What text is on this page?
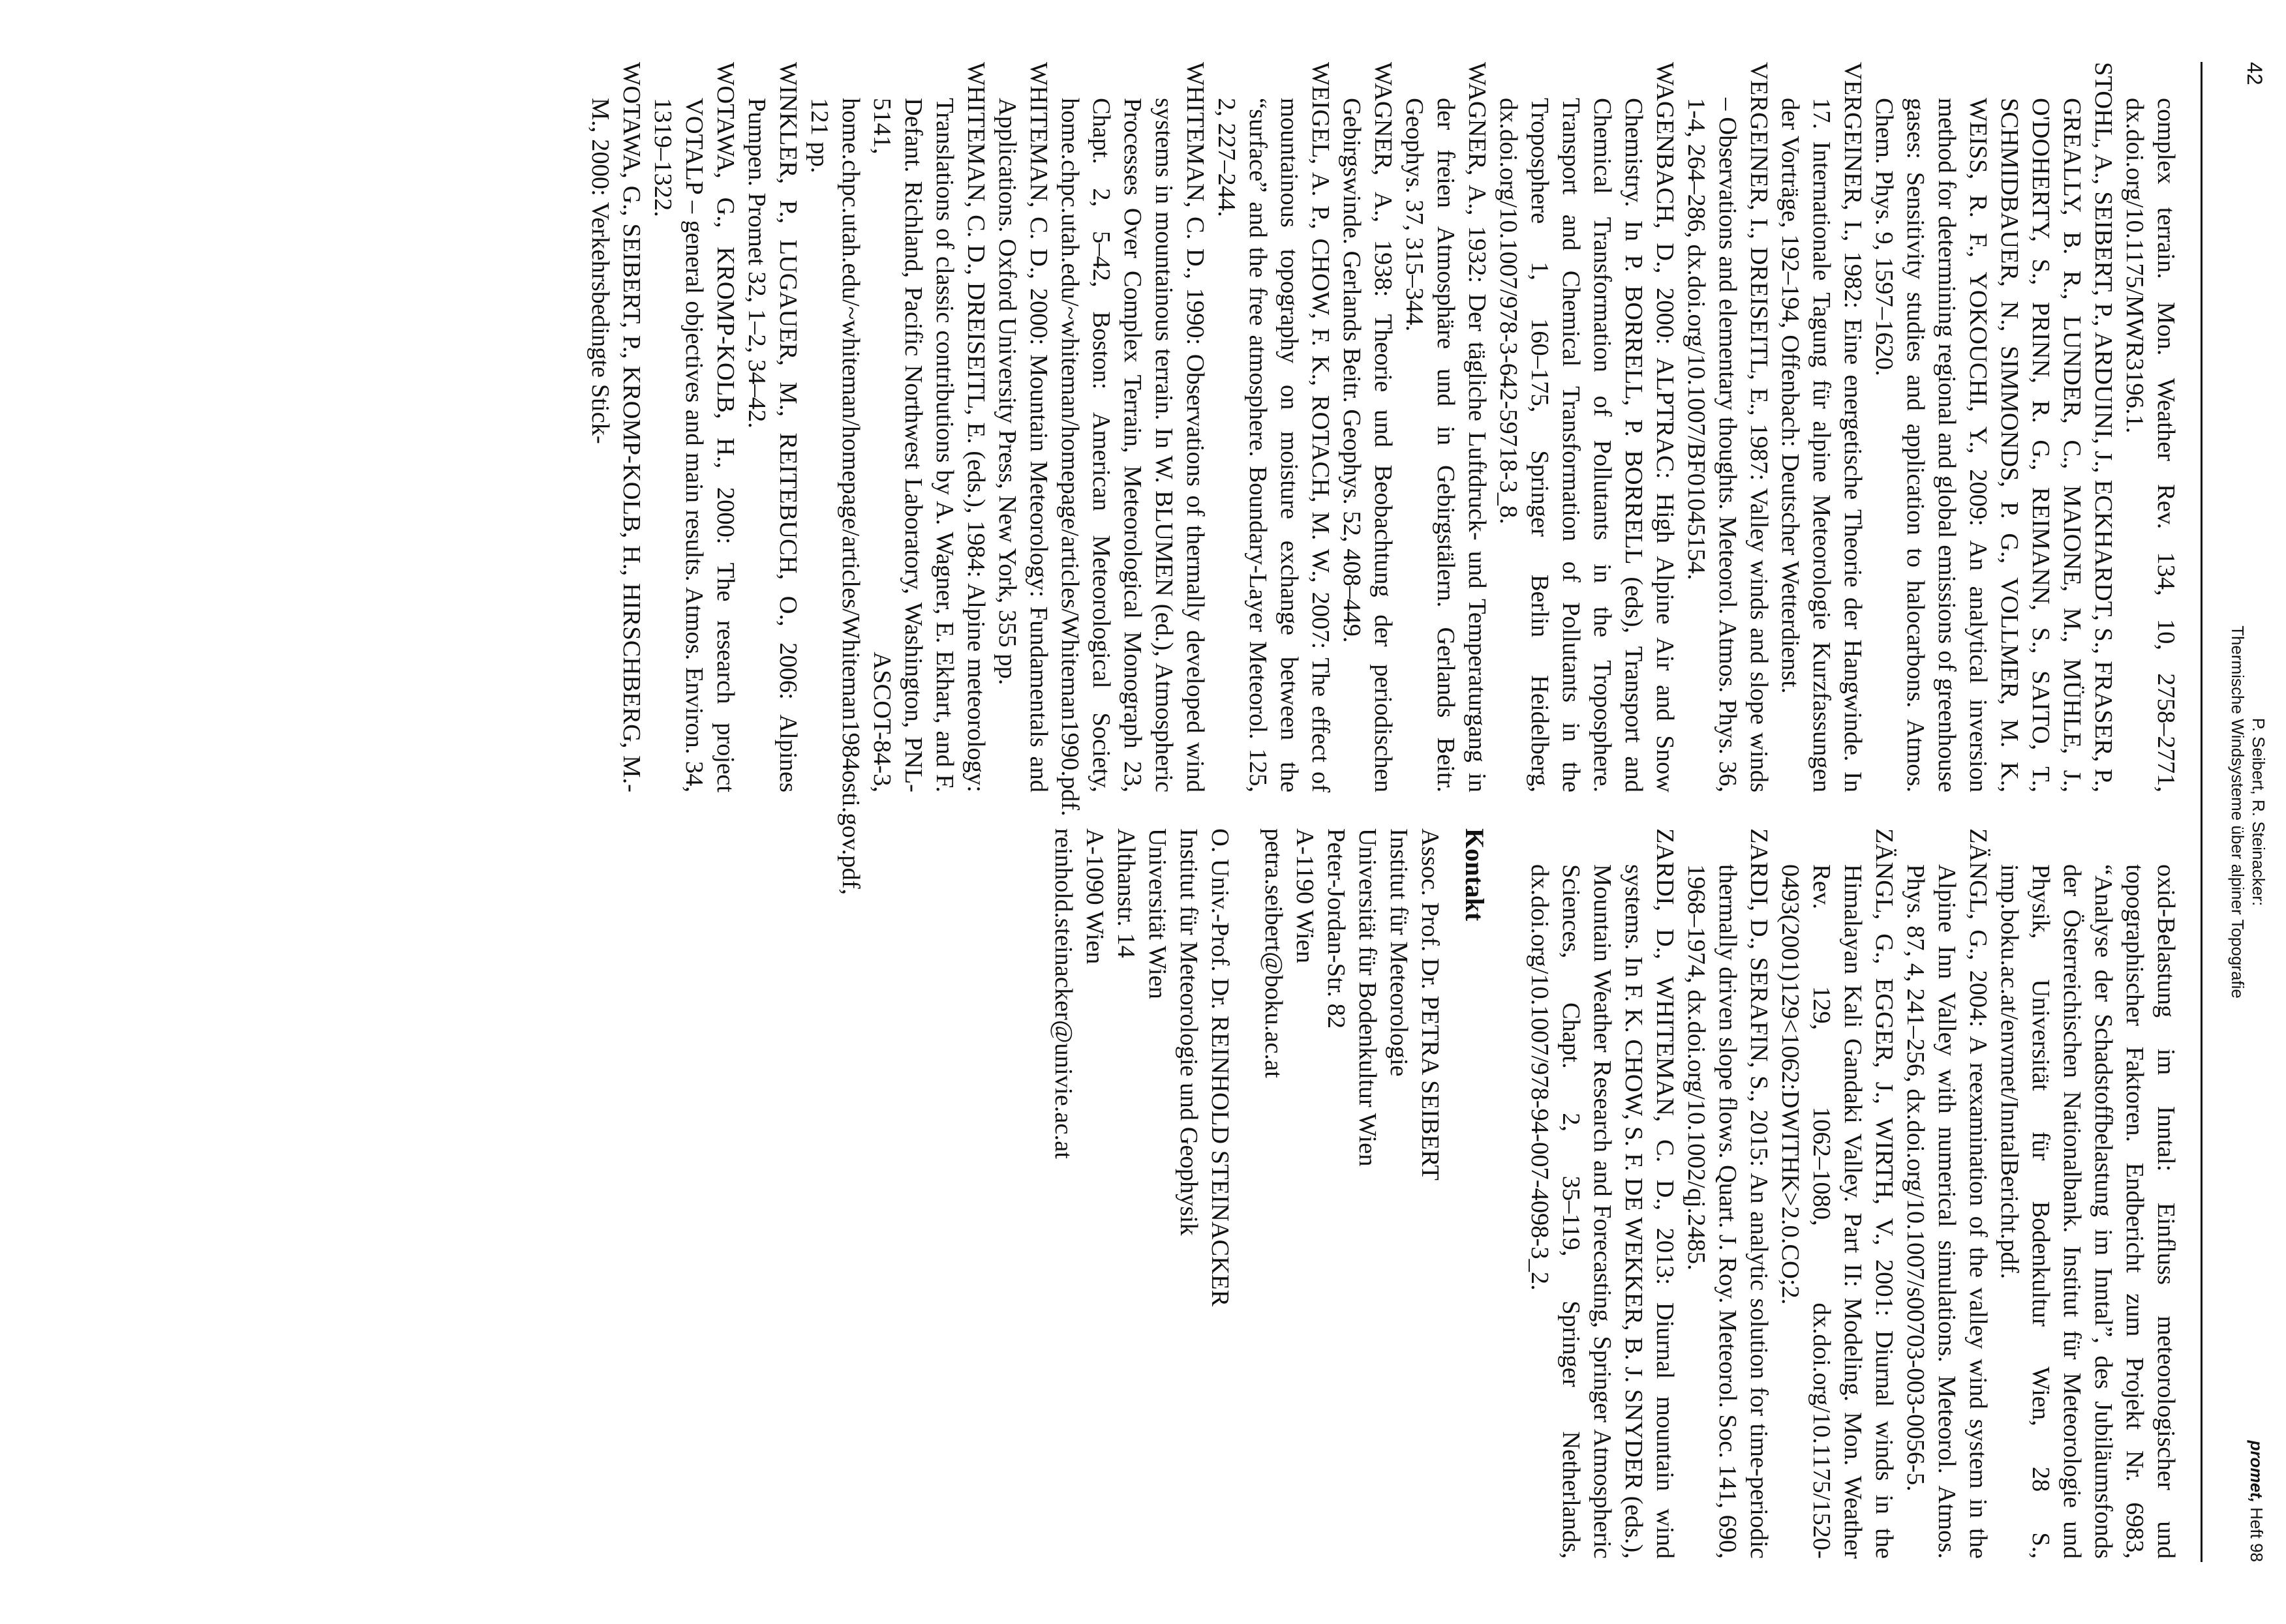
42
P. Seibert, R. Steinacker:
Thermische Windsysteme über alpiner Topografie
promet, Heft 98

complex terrain. Mon. Weather Rev. 134, 10, 2758–2771, dx.doi.org/10.1175/MWR3196.1.

STOHL, A., SEIBERT, P., ARDUINI, J., ECKHARDT, S., FRASER, P., GREALLY, B. R., LUNDER, C., MAIONE, M., MÜHLE, J., O'DOHERTY, S., PRINN, R. G., REIMANN, S., SAITO, T., SCHMIDBAUER, N., SIMMONDS, P. G., VOLLMER, M. K., WEISS, R. F., YOKOUCHI, Y., 2009: An analytical inversion method for determining regional and global emissions of greenhouse gases: Sensitivity studies and application to halocarbons. Atmos. Chem. Phys. 9, 1597–1620.

VERGEINER, I., 1982: Eine energetische Theorie der Hangwinde. In 17. Internationale Tagung für alpine Meteorologie Kurzfassungen der Vorträge, 192–194, Offenbach: Deutscher Wetterdienst.

VERGEINER, I., DREISEITL, E., 1987: Valley winds and slope winds – Observations and elementary thoughts. Meteorol. Atmos. Phys. 36, 1-4, 264–286, dx.doi.org/10.1007/BF01045154.

WAGENBACH, D., 2000: ALPTRAC: High Alpine Air and Snow Chemistry. In P. BORRELL, P. BORRELL (eds), Transport and Chemical Transformation of Pollutants in the Troposphere. Transport and Chemical Transformation of Pollutants in the Troposphere 1, 160–175, Springer Berlin Heidelberg, dx.doi.org/10.1007/978-3-642-59718-3_8.

WAGNER, A., 1932: Der tägliche Luftdruck- und Temperaturgang in der freien Atmosphäre und in Gebirgstälern. Gerlands Beitr. Geophys. 37, 315–344.

WAGNER, A., 1938: Theorie und Beobachtung der periodischen Gebirgswinde. Gerlands Beitr. Geophys. 52, 408–449.

WEIGEL, A. P., CHOW, F. K., ROTACH, M. W., 2007: The effect of mountainous topography on moisture exchange between the “surface” and the free atmosphere. Boundary-Layer Meteorol. 125, 2, 227–244.

WHITEMAN, C. D., 1990: Observations of thermally developed wind systems in mountainous terrain. In W. BLUMEN (ed.), Atmospheric Processes Over Complex Terrain, Meteorological Monograph 23, Chapt. 2, 5–42, Boston: American Meteorological Society, home.chpc.utah.edu/~whiteman/homepage/articles/Whiteman1990.pdf.

WHITEMAN, C. D., 2000: Mountain Meteorology: Fundamentals and Applications. Oxford University Press, New York, 355 pp.

WHITEMAN, C. D., DREISEITL, E. (eds.), 1984: Alpine meteorology: Translations of classic contributions by A. Wagner, E. Ekhart, and F. Defant. Richland, Pacific Northwest Laboratory, Washington, PNL-5141, ASCOT-84-3, home.chpc.utah.edu/~whiteman/homepage/articles/Whiteman1984osti.gov.pdf, 121 pp.

WINKLER, P., LUGAUER, M., REITEBUCH, O., 2006: Alpines Pumpen. Promet 32, 1–2, 34–42.

WOTAWA, G., KROMP-KOLB, H., 2000: The research project VOTALP – general objectives and main results. Atmos. Environ. 34, 1319–1322.

WOTAWA, G., SEIBERT, P., KROMP-KOLB, H., HIRSCHBERG, M.-M., 2000: Verkehrsbedingte Stick-

oxid-Belastung im Inntal: Einfluss meteorologischer und topographischer Faktoren. Endbericht zum Projekt Nr. 6983, “Analyse der Schadstoffbelastung im Inntal”, des Jubiläumsfonds der Österreichischen Nationalbank. Institut für Meteorologie und Physik, Universität für Bodenkultur Wien, 28 S., imp.boku.ac.at/envmet/InntalBericht.pdf.

ZÄNGL, G., 2004: A reexamination of the valley wind system in the Alpine Inn Valley with numerical simulations. Meteorol. Atmos. Phys. 87, 4, 241–256, dx.doi.org/10.1007/s00703-003-0056-5.

ZÄNGL, G., EGGER, J., WIRTH, V., 2001: Diurnal winds in the Himalayan Kali Gandaki Valley. Part II: Modeling. Mon. Weather Rev. 129, 1062–1080, dx.doi.org/10.1175/1520-0493(2001)129<1062:DWITHK>2.0.CO;2.

ZARDI, D., SERAFIN, S., 2015: An analytic solution for time-periodic thermally driven slope flows. Quart. J. Roy. Meteorol. Soc. 141, 690, 1968–1974, dx.doi.org/10.1002/qj.2485.

ZARDI, D., WHITEMAN, C. D., 2013: Diurnal mountain wind systems. In F. K. CHOW, S. F. DE WEKKER, B. J. SNYDER (eds.), Mountain Weather Research and Forecasting, Springer Atmospheric Sciences, Chapt. 2, 35–119, Springer Netherlands, dx.doi.org/10.1007/978-94-007-4098-3_2.

Kontakt
Assoc. Prof. Dr. PETRA SEIBERT
Institut für Meteorologie
Universität für Bodenkultur Wien
Peter-Jordan-Str. 82
A-1190 Wien
petra.seibert@boku.ac.at
O. Univ.-Prof. Dr. REINHOLD STEINACKER
Institut für Meteorologie und Geophysik
Universität Wien
Althanstr. 14
A-1090 Wien
reinhold.steinacker@univie.ac.at
